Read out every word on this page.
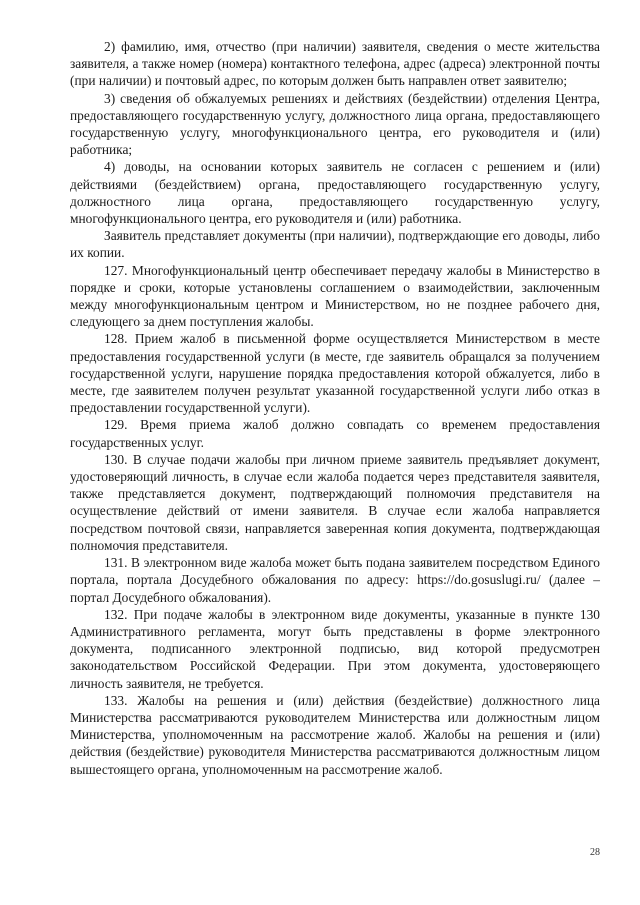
2) фамилию, имя, отчество (при наличии) заявителя, сведения о месте жительства заявителя, а также номер (номера) контактного телефона, адрес (адреса) электронной почты (при наличии) и почтовый адрес, по которым должен быть направлен ответ заявителю;

3) сведения об обжалуемых решениях и действиях (бездействии) отделения Центра, предоставляющего государственную услугу, должностного лица органа, предоставляющего государственную услугу, многофункционального центра, его руководителя и (или) работника;

4) доводы, на основании которых заявитель не согласен с решением и (или) действиями (бездействием) органа, предоставляющего государственную услугу, должностного лица органа, предоставляющего государственную услугу, многофункционального центра, его руководителя и (или) работника.

Заявитель представляет документы (при наличии), подтверждающие его доводы, либо их копии.

127. Многофункциональный центр обеспечивает передачу жалобы в Министерство в порядке и сроки, которые установлены соглашением о взаимодействии, заключенным между многофункциональным центром и Министерством, но не позднее рабочего дня, следующего за днем поступления жалобы.

128. Прием жалоб в письменной форме осуществляется Министерством в месте предоставления государственной услуги (в месте, где заявитель обращался за получением государственной услуги, нарушение порядка предоставления которой обжалуется, либо в месте, где заявителем получен результат указанной государственной услуги либо отказ в предоставлении государственной услуги).

129. Время приема жалоб должно совпадать со временем предоставления государственных услуг.

130. В случае подачи жалобы при личном приеме заявитель предъявляет документ, удостоверяющий личность, в случае если жалоба подается через представителя заявителя, также представляется документ, подтверждающий полномочия представителя на осуществление действий от имени заявителя. В случае если жалоба направляется посредством почтовой связи, направляется заверенная копия документа, подтверждающая полномочия представителя.

131. В электронном виде жалоба может быть подана заявителем посредством Единого портала, портала Досудебного обжалования по адресу: https://do.gosuslugi.ru/ (далее – портал Досудебного обжалования).

132. При подаче жалобы в электронном виде документы, указанные в пункте 130 Административного регламента, могут быть представлены в форме электронного документа, подписанного электронной подписью, вид которой предусмотрен законодательством Российской Федерации. При этом документа, удостоверяющего личность заявителя, не требуется.

133. Жалобы на решения и (или) действия (бездействие) должностного лица Министерства рассматриваются руководителем Министерства или должностным лицом Министерства, уполномоченным на рассмотрение жалоб. Жалобы на решения и (или) действия (бездействие) руководителя Министерства рассматриваются должностным лицом вышестоящего органа, уполномоченным на рассмотрение жалоб.

28
